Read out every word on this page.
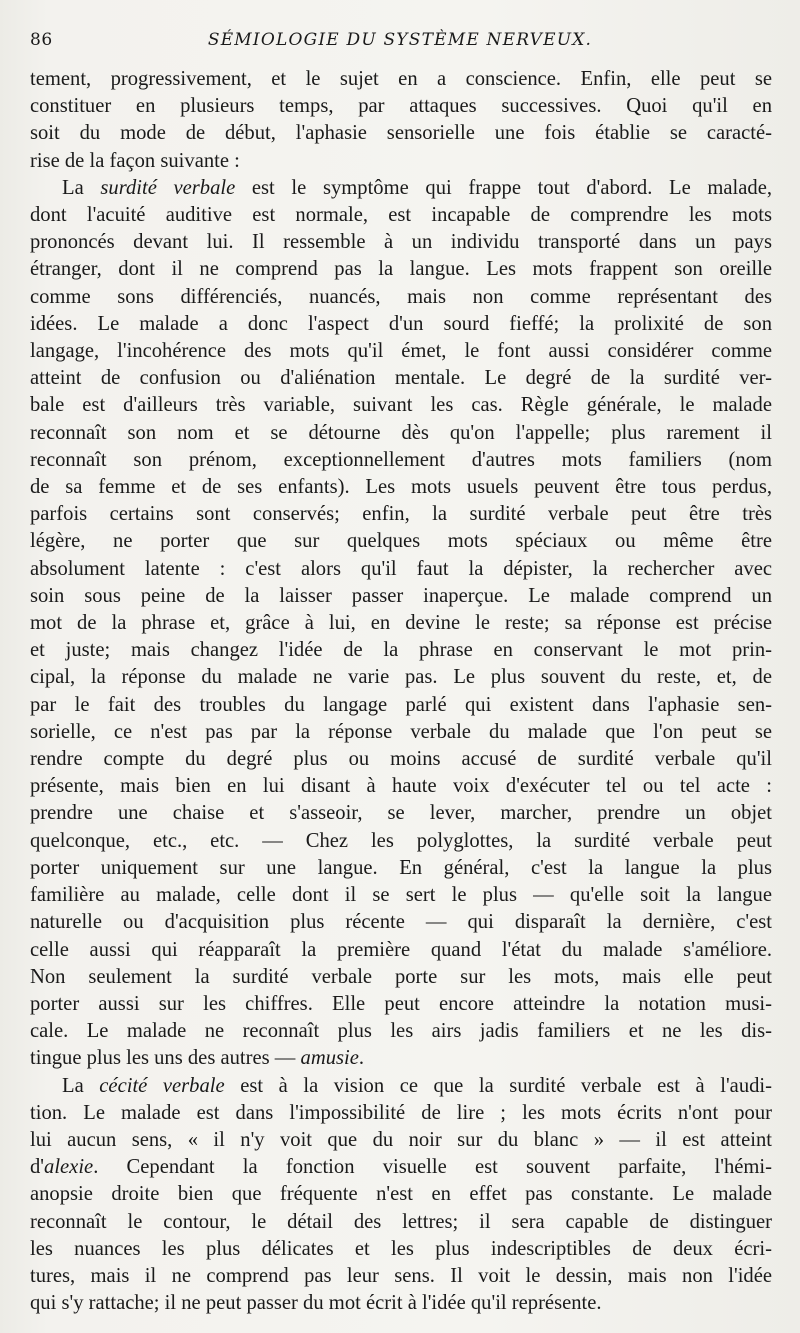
86	SÉMIOLOGIE DU SYSTÈME NERVEUX.
tement, progressivement, et le sujet en a conscience. Enfin, elle peut se
constituer en plusieurs temps, par attaques successives. Quoi qu'il en
soit du mode de début, l'aphasie sensorielle une fois établie se caracté-
rise de la façon suivante :
La surdité verbale est le symptôme qui frappe tout d'abord. Le malade,
dont l'acuité auditive est normale, est incapable de comprendre les mots
prononcés devant lui. Il ressemble à un individu transporté dans un pays
étranger, dont il ne comprend pas la langue. Les mots frappent son oreille
comme sons différenciés, nuancés, mais non comme représentant des
idées. Le malade a donc l'aspect d'un sourd fieffé; la prolixité de son
langage, l'incohérence des mots qu'il émet, le font aussi considérer comme
atteint de confusion ou d'aliénation mentale. Le degré de la surdité ver-
bale est d'ailleurs très variable, suivant les cas. Règle générale, le malade
reconnaît son nom et se détourne dès qu'on l'appelle; plus rarement il
reconnaît son prénom, exceptionnellement d'autres mots familiers (nom
de sa femme et de ses enfants). Les mots usuels peuvent être tous perdus,
parfois certains sont conservés; enfin, la surdité verbale peut être très
légère, ne porter que sur quelques mots spéciaux ou même être
absolument latente : c'est alors qu'il faut la dépister, la rechercher avec
soin sous peine de la laisser passer inaperçue. Le malade comprend un
mot de la phrase et, grâce à lui, en devine le reste; sa réponse est précise
et juste; mais changez l'idée de la phrase en conservant le mot prin-
cipal, la réponse du malade ne varie pas. Le plus souvent du reste, et, de
par le fait des troubles du langage parlé qui existent dans l'aphasie sen-
sorielle, ce n'est pas par la réponse verbale du malade que l'on peut se
rendre compte du degré plus ou moins accusé de surdité verbale qu'il
présente, mais bien en lui disant à haute voix d'exécuter tel ou tel acte :
prendre une chaise et s'asseoir, se lever, marcher, prendre un objet
quelconque, etc., etc. — Chez les polyglottes, la surdité verbale peut
porter uniquement sur une langue. En général, c'est la langue la plus
familière au malade, celle dont il se sert le plus — qu'elle soit la langue
naturelle ou d'acquisition plus récente — qui disparaît la dernière, c'est
celle aussi qui réapparaît la première quand l'état du malade s'améliore.
Non seulement la surdité verbale porte sur les mots, mais elle peut
porter aussi sur les chiffres. Elle peut encore atteindre la notation musi-
cale. Le malade ne reconnaît plus les airs jadis familiers et ne les dis-
tingue plus les uns des autres — amusie.
La cécité verbale est à la vision ce que la surdité verbale est à l'audi-
tion. Le malade est dans l'impossibilité de lire ; les mots écrits n'ont pour
lui aucun sens, « il n'y voit que du noir sur du blanc » — il est atteint
d'alexie. Cependant la fonction visuelle est souvent parfaite, l'hémi-
anopsie droite bien que fréquente n'est en effet pas constante. Le malade
reconnaît le contour, le détail des lettres; il sera capable de distinguer
les nuances les plus délicates et les plus indescriptibles de deux écri-
tures, mais il ne comprend pas leur sens. Il voit le dessin, mais non l'idée
qui s'y rattache; il ne peut passer du mot écrit à l'idée qu'il représente.
